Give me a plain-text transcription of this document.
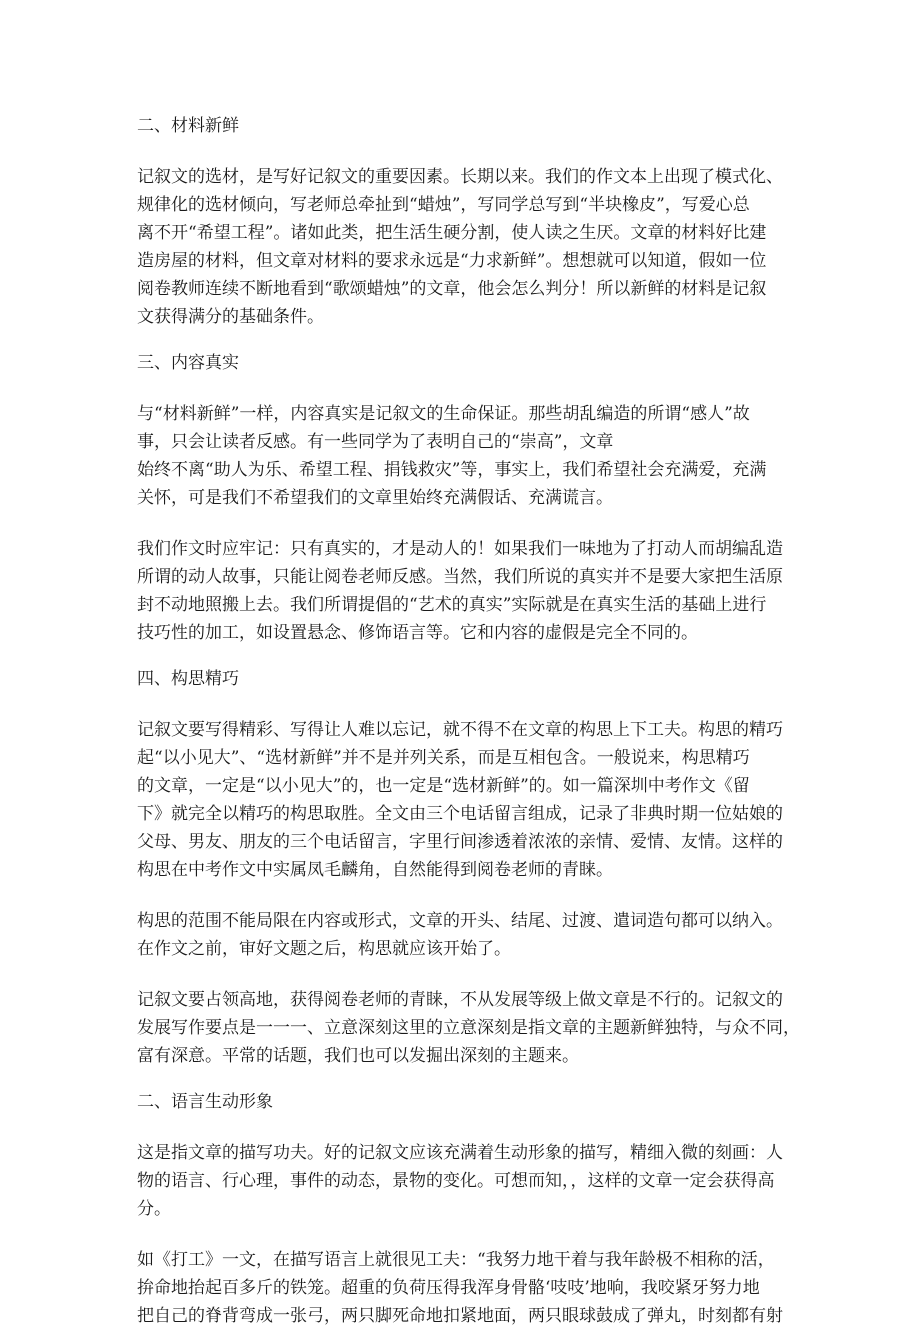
二、材料新鲜
记叙文的选材，是写好记叙文的重要因素。长期以来。我们的作文本上出现了模式化、
规律化的选材倾向，写老师总牵扯到“蜡烛”，写同学总写到“半块橡皮”，写爱心总
离不开“希望工程”。诸如此类，把生活生硬分割，使人读之生厌。文章的材料好比建
造房屋的材料，但文章对材料的要求永远是“力求新鲜”。想想就可以知道，假如一位
阅卷教师连续不断地看到“歌颂蜡烛”的文章，他会怎么判分！所以新鲜的材料是记叙
文获得满分的基础条件。
三、内容真实
与“材料新鲜”一样，内容真实是记叙文的生命保证。那些胡乱编造的所谓“感人”故
事，只会让读者反感。有一些同学为了表明自己的“崇高”，文章
始终不离“助人为乐、希望工程、捐钱救灾”等，事实上，我们希望社会充满爱，充满
关怀，可是我们不希望我们的文章里始终充满假话、充满谎言。
我们作文时应牢记：只有真实的，才是动人的！如果我们一味地为了打动人而胡编乱造
所谓的动人故事，只能让阅卷老师反感。当然，我们所说的真实并不是要大家把生活原
封不动地照搬上去。我们所谓提倡的“艺术的真实”实际就是在真实生活的基础上进行
技巧性的加工，如设置悬念、修饰语言等。它和内容的虚假是完全不同的。
四、构思精巧
记叙文要写得精彩、写得让人难以忘记，就不得不在文章的构思上下工夫。构思的精巧
起“以小见大”、“选材新鲜”并不是并列关系，而是互相包含。一般说来，构思精巧
的文章，一定是“以小见大”的，也一定是“选材新鲜”的。如一篇深圳中考作文《留
下》就完全以精巧的构思取胜。全文由三个电话留言组成，记录了非典时期一位姑娘的
父母、男友、朋友的三个电话留言，字里行间渗透着浓浓的亲情、爱情、友情。这样的
构思在中考作文中实属凤毛麟角，自然能得到阅卷老师的青睐。
构思的范围不能局限在内容或形式，文章的开头、结尾、过渡、遣词造句都可以纳入。
在作文之前，审好文题之后，构思就应该开始了。
记叙文要占领高地，获得阅卷老师的青睐，不从发展等级上做文章是不行的。记叙文的
发展写作要点是一一一、立意深刻这里的立意深刻是指文章的主题新鲜独特，与众不同，
富有深意。平常的话题，我们也可以发掘出深刻的主题来。
二、语言生动形象
这是指文章的描写功夫。好的记叙文应该充满着生动形象的描写，精细入微的刻画：人
物的语言、行心理，事件的动态，景物的变化。可想而知，，这样的文章一定会获得高
分。
如《打工》一文，在描写语言上就很见工夫：“我努力地干着与我年龄极不相称的活，
拚命地抬起百多斤的铁笼。超重的负荷压得我浑身骨骼‘吱吱’地响，我咬紧牙努力地
把自己的脊背弯成一张弓，两只脚死命地扣紧地面，两只眼球鼓成了弹丸，时刻都有射
